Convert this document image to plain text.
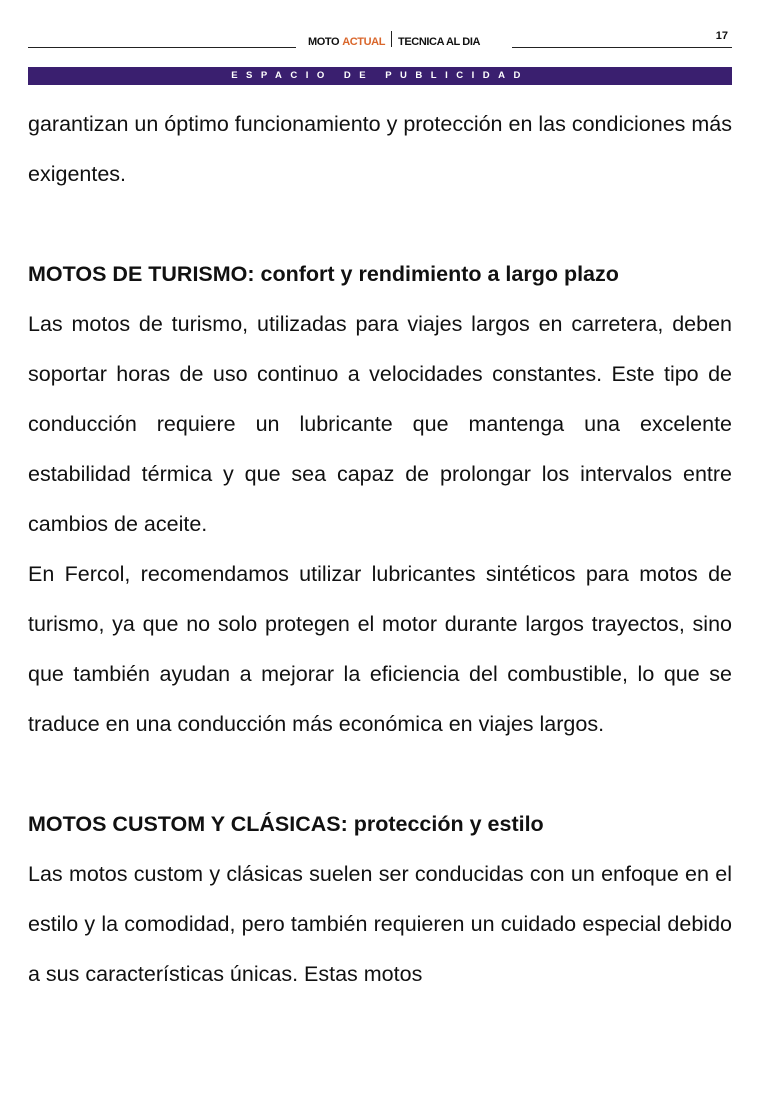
MOTO ACTUAL TECNICA AL DIA	17
ESPACIO DE PUBLICIDAD

garantizan un óptimo funcionamiento y protección en las condiciones más exigentes.

MOTOS DE TURISMO: confort y rendimiento a largo plazo

Las motos de turismo, utilizadas para viajes largos en carretera, deben soportar horas de uso continuo a velocidades constantes. Este tipo de conducción requiere un lubricante que mantenga una excelente estabilidad térmica y que sea capaz de prolongar los intervalos entre cambios de aceite.

En Fercol, recomendamos utilizar lubricantes sintéticos para motos de turismo, ya que no solo protegen el motor durante largos trayectos, sino que también ayudan a mejorar la eficiencia del combustible, lo que se traduce en una conducción más económica en viajes largos.

MOTOS CUSTOM Y CLÁSICAS: protección y estilo

Las motos custom y clásicas suelen ser conducidas con un enfoque en el estilo y la comodidad, pero también requieren un cuidado especial debido a sus características únicas. Estas motos
